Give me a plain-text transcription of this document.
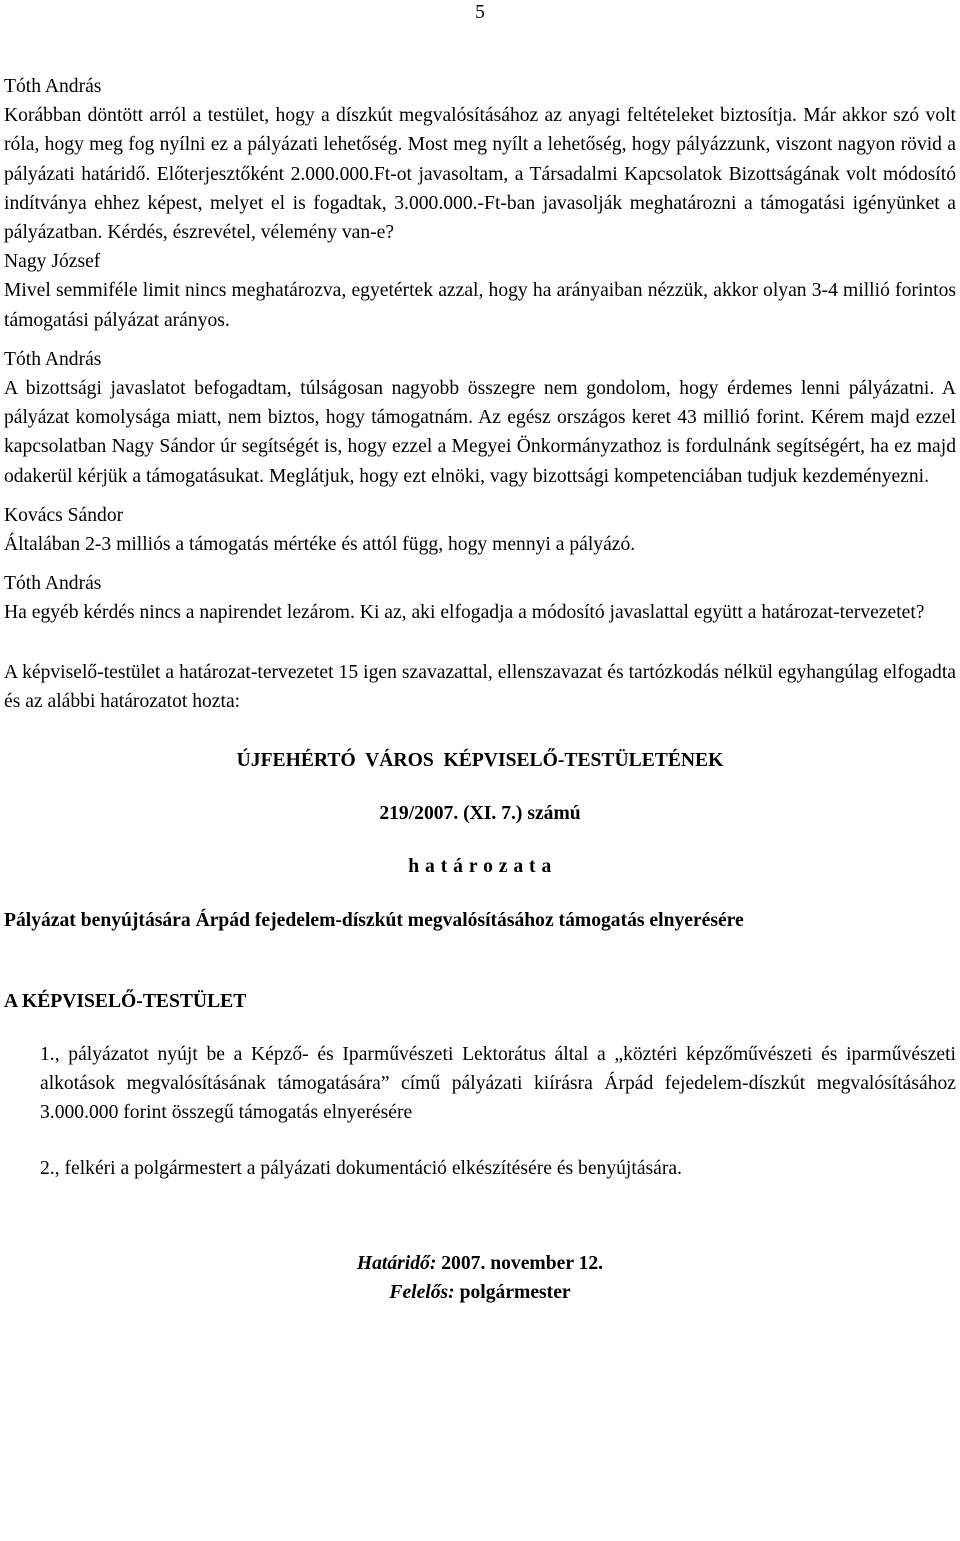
5
Tóth András

Korábban döntött arról a testület, hogy a díszkút megvalósításához az anyagi feltételeket biztosítja. Már akkor szó volt róla, hogy meg fog nyílni ez a pályázati lehetőség. Most meg nyílt a lehetőség, hogy pályázzunk, viszont nagyon rövid a pályázati határidő. Előterjesztőként 2.000.000.Ft-ot javasoltam, a Társadalmi Kapcsolatok Bizottságának volt módosító indítványa ehhez képest, melyet el is fogadtak, 3.000.000.-Ft-ban javasolják meghatározni a támogatási igényünket a pályázatban. Kérdés, észrevétel, vélemény van-e?

Nagy József

Mivel semmiféle limit nincs meghatározva, egyetértek azzal, hogy ha arányaiban nézzük, akkor olyan 3-4 millió forintos támogatási pályázat arányos.

Tóth András

A bizottsági javaslatot befogadtam, túlságosan nagyobb összegre nem gondolom, hogy érdemes lenni pályázatni. A pályázat komolysága miatt, nem biztos, hogy támogatnám. Az egész országos keret 43 millió forint. Kérem majd ezzel kapcsolatban Nagy Sándor úr segítségét is, hogy ezzel a Megyei Önkormányzathoz is fordulnánk segítségért, ha ez majd odakerül kérjük a támogatásukat. Meglátjuk, hogy ezt elnöki, vagy bizottsági kompetenciában tudjuk kezdeményezni.

Kovács Sándor

Általában 2-3 milliós a támogatás mértéke és attól függ, hogy mennyi a pályázó.

Tóth András

Ha egyéb kérdés nincs a napirendet lezárom. Ki az, aki elfogadja a módosító javaslattal együtt a határozat-tervezetet?

A képviselő-testület a határozat-tervezetet 15 igen szavazattal, ellenszavazat és tartózkodás nélkül egyhangúlag elfogadta és az alábbi határozatot hozta:

ÚJFEHÉRTÓ  VÁROS  KÉPVISELŐ-TESTÜLETÉNEK
219/2007. (XI. 7.) számú
h a t á r o z a t a
Pályázat benyújtására Árpád fejedelem-díszkút megvalósításához támogatás elnyerésére
A KÉPVISELŐ-TESTÜLET

1., pályázatot nyújt be a Képző- és Iparművészeti Lektorátus által a „köztéri képzőművészeti és iparművészeti alkotások megvalósításának támogatására” című pályázati kiírásra Árpád fejedelem-díszkút megvalósításához 3.000.000 forint összegű támogatás elnyerésére

2., felkéri a polgármestert a pályázati dokumentáció elkészítésére és benyújtására.

Határidő: 2007. november 12.
Felelős: polgármester
